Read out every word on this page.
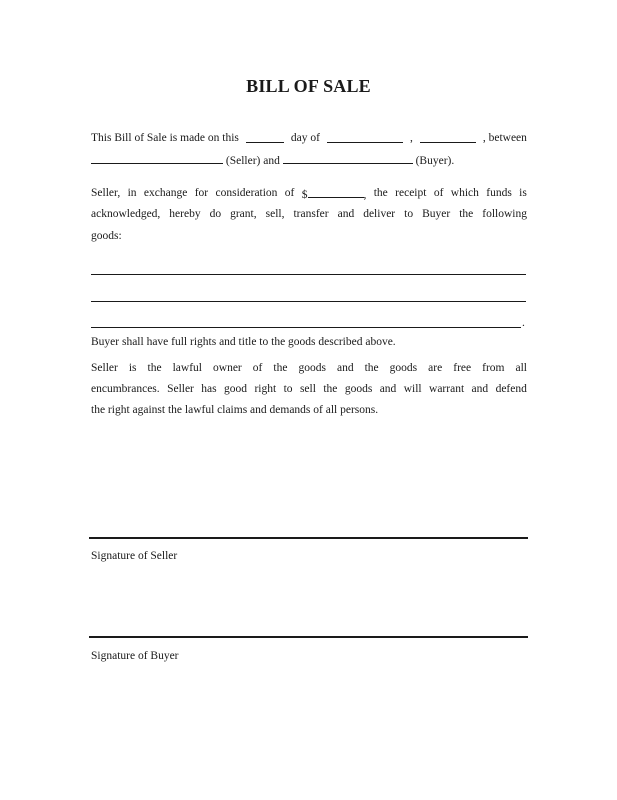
BILL OF SALE
This Bill of Sale is made on this	day of	,	, between
(Seller) and	(Buyer).
Seller, in exchange for consideration of $	, the receipt of which funds is
acknowledged, hereby do grant, sell, transfer and deliver to Buyer the following
goods:
.
Buyer shall have full rights and title to the goods described above.
Seller is the lawful owner of the goods and the goods are free from all
encumbrances. Seller has good right to sell the goods and will warrant and defend
the right against the lawful claims and demands of all persons.
Signature of Seller
Signature of Buyer
